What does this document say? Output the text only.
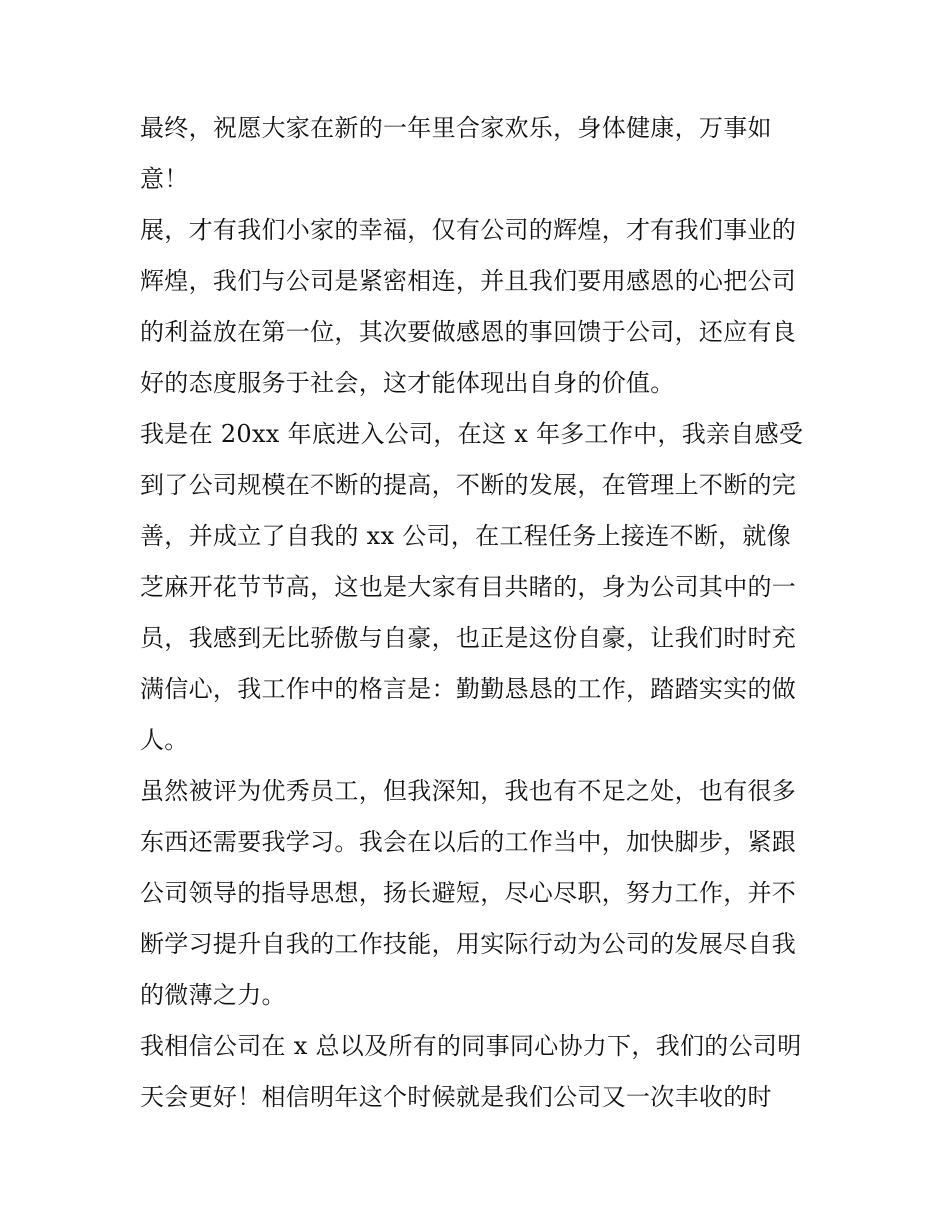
最终，祝愿大家在新的一年里合家欢乐，身体健康，万事如
意！
展，才有我们小家的幸福，仅有公司的辉煌，才有我们事业的
辉煌，我们与公司是紧密相连，并且我们要用感恩的心把公司
的利益放在第一位，其次要做感恩的事回馈于公司，还应有良
好的态度服务于社会，这才能体现出自身的价值。
我是在 20xx 年底进入公司，在这 x 年多工作中，我亲自感受
到了公司规模在不断的提高，不断的发展，在管理上不断的完
善，并成立了自我的 xx 公司，在工程任务上接连不断，就像
芝麻开花节节高，这也是大家有目共睹的，身为公司其中的一
员，我感到无比骄傲与自豪，也正是这份自豪，让我们时时充
满信心，我工作中的格言是：勤勤恳恳的工作，踏踏实实的做
人。
虽然被评为优秀员工，但我深知，我也有不足之处，也有很多
东西还需要我学习。我会在以后的工作当中，加快脚步，紧跟
公司领导的指导思想，扬长避短，尽心尽职，努力工作，并不
断学习提升自我的工作技能，用实际行动为公司的发展尽自我
的微薄之力。
我相信公司在 x 总以及所有的同事同心协力下，我们的公司明
天会更好！相信明年这个时候就是我们公司又一次丰收的时
